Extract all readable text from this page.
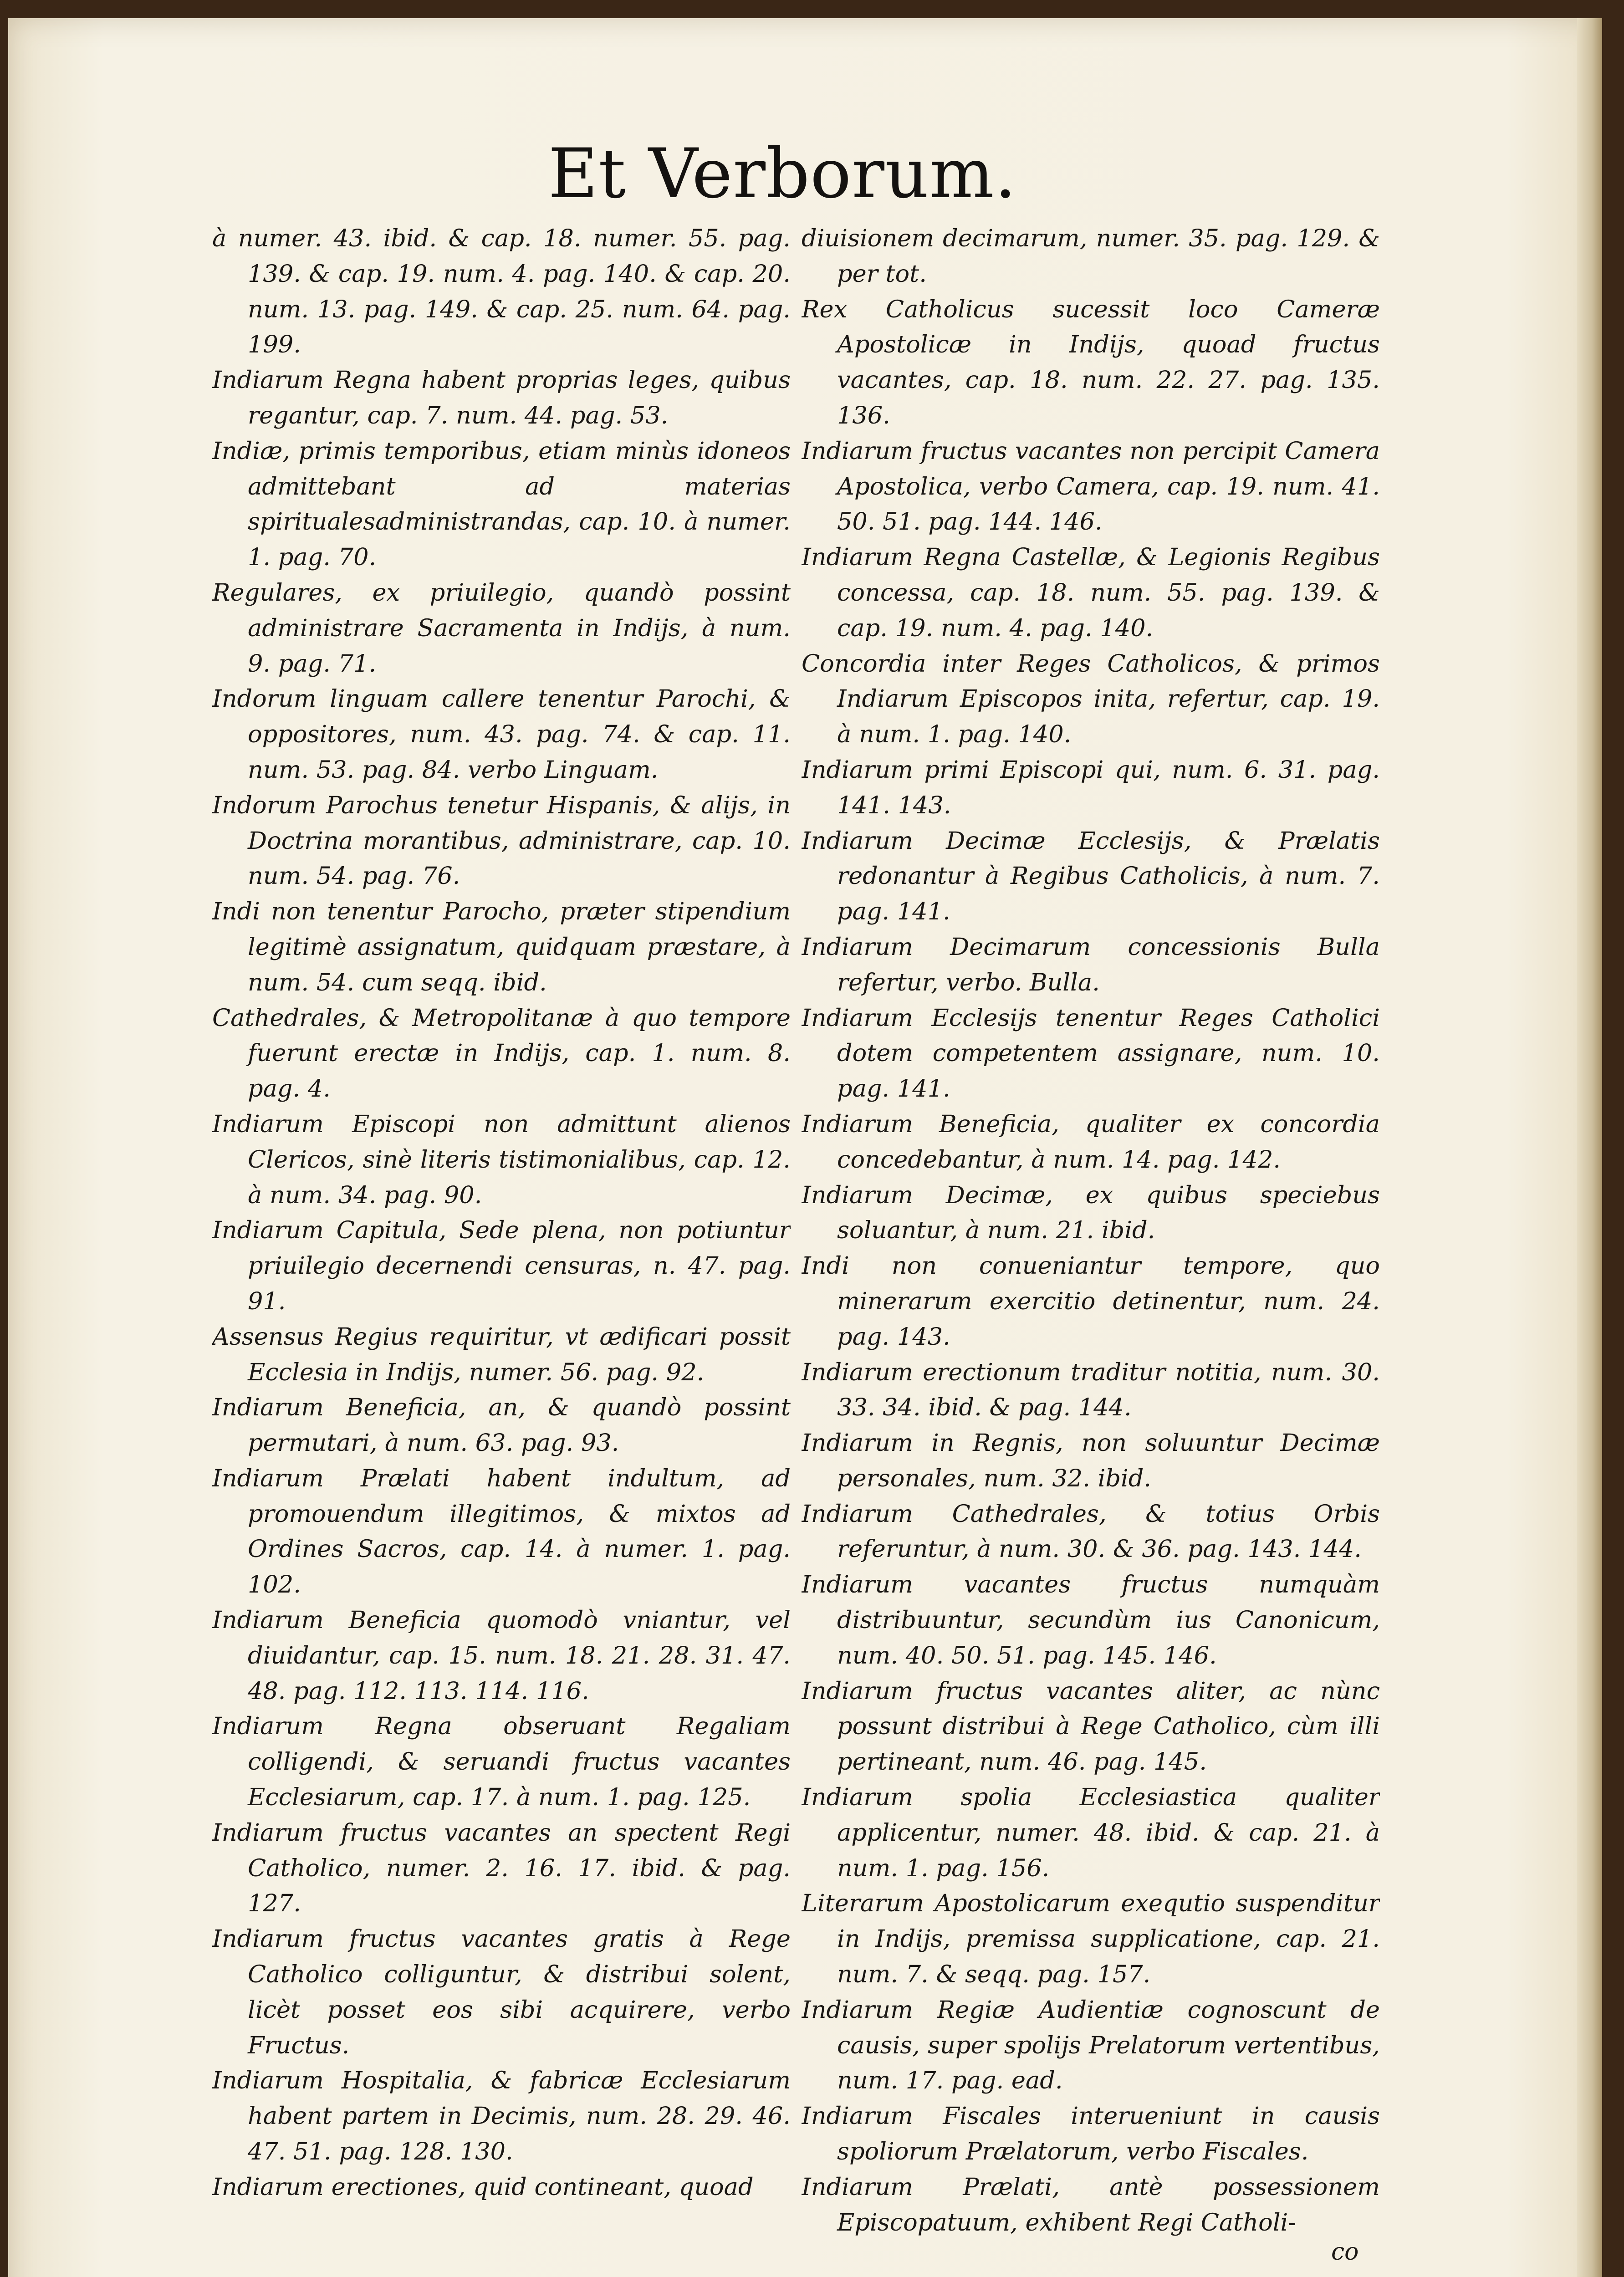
Et Verborum.

à numer. 43. ibid. & cap. 18. numer. 55. pag. 139. & cap. 19. num. 4. pag. 140. & cap. 20. num. 13. pag. 149. & cap. 25. num. 64. pag. 199.

Indiarum Regna habent proprias leges, quibus regantur, cap. 7. num. 44. pag. 53.

Indiæ, primis temporibus, etiam minùs idoneos admittebant ad materias spiritualesadministrandas, cap. 10. à numer. 1. pag. 70.

Regulares, ex priuilegio, quandò possint administrare Sacramenta in Indijs, à num. 9. pag. 71.

Indorum linguam callere tenentur Parochi, & oppositores, num. 43. pag. 74. & cap. 11. num. 53. pag. 84. verbo Linguam.

Indorum Parochus tenetur Hispanis, & alijs, in Doctrina morantibus, administrare, cap. 10. num. 54. pag. 76.

Indi non tenentur Parocho, præter stipendium legitimè assignatum, quidquam præstare, à num. 54. cum seqq. ibid.

Cathedrales, & Metropolitanæ à quo tempore fuerunt erectæ in Indijs, cap. 1. num. 8. pag. 4.

Indiarum Episcopi non admittunt alienos Clericos, sinè literis tistimonialibus, cap. 12. à num. 34. pag. 90.

Indiarum Capitula, Sede plena, non potiuntur priuilegio decernendi censuras, n. 47. pag. 91.

Assensus Regius requiritur, vt ædificari possit Ecclesia in Indijs, numer. 56. pag. 92.

Indiarum Beneficia, an, & quandò possint permutari, à num. 63. pag. 93.

Indiarum Prælati habent indultum, ad promouendum illegitimos, & mixtos ad Ordines Sacros, cap. 14. à numer. 1. pag. 102.

Indiarum Beneficia quomodò vniantur, vel diuidantur, cap. 15. num. 18. 21. 28. 31. 47. 48. pag. 112. 113. 114. 116.

Indiarum Regna obseruant Regaliam colligendi, & seruandi fructus vacantes Ecclesiarum, cap. 17. à num. 1. pag. 125.

Indiarum fructus vacantes an spectent Regi Catholico, numer. 2. 16. 17. ibid. & pag. 127.

Indiarum fructus vacantes gratis à Rege Catholico colliguntur, & distribui solent, licèt posset eos sibi acquirere, verbo Fructus.

Indiarum Hospitalia, & fabricæ Ecclesiarum habent partem in Decimis, num. 28. 29. 46. 47. 51. pag. 128. 130.

Indiarum erectiones, quid contineant, quoad

diuisionem decimarum, numer. 35. pag. 129. & per tot.

Rex Catholicus sucessit loco Cameræ Apostolicæ in Indijs, quoad fructus vacantes, cap. 18. num. 22. 27. pag. 135. 136.

Indiarum fructus vacantes non percipit Camera Apostolica, verbo Camera, cap. 19. num. 41. 50. 51. pag. 144. 146.

Indiarum Regna Castellæ, & Legionis Regibus concessa, cap. 18. num. 55. pag. 139. & cap. 19. num. 4. pag. 140.

Concordia inter Reges Catholicos, & primos Indiarum Episcopos inita, refertur, cap. 19. à num. 1. pag. 140.

Indiarum primi Episcopi qui, num. 6. 31. pag. 141. 143.

Indiarum Decimæ Ecclesijs, & Prælatis redonantur à Regibus Catholicis, à num. 7. pag. 141.

Indiarum Decimarum concessionis Bulla refertur, verbo. Bulla.

Indiarum Ecclesijs tenentur Reges Catholici dotem competentem assignare, num. 10. pag. 141.

Indiarum Beneficia, qualiter ex concordia concedebantur, à num. 14. pag. 142.

Indiarum Decimæ, ex quibus speciebus soluantur, à num. 21. ibid.

Indi non conueniantur tempore, quo minerarum exercitio detinentur, num. 24. pag. 143.

Indiarum erectionum traditur notitia, num. 30. 33. 34. ibid. & pag. 144.

Indiarum in Regnis, non soluuntur Decimæ personales, num. 32. ibid.

Indiarum Cathedrales, & totius Orbis referuntur, à num. 30. & 36. pag. 143. 144.

Indiarum vacantes fructus numquàm distribuuntur, secundùm ius Canonicum, num. 40. 50. 51. pag. 145. 146.

Indiarum fructus vacantes aliter, ac nùnc possunt distribui à Rege Catholico, cùm illi pertineant, num. 46. pag. 145.

Indiarum spolia Ecclesiastica qualiter applicentur, numer. 48. ibid. & cap. 21. à num. 1. pag. 156.

Literarum Apostolicarum exequtio suspenditur in Indijs, premissa supplicatione, cap. 21. num. 7. & seqq. pag. 157.

Indiarum Regiæ Audientiæ cognoscunt de causis, super spolijs Prelatorum vertentibus, num. 17. pag. ead.

Indiarum Fiscales interueniunt in causis spoliorum Prælatorum, verbo Fiscales.

Indiarum Prælati, antè possessionem Episcopatuum, exhibent Regi Catholi-

co
